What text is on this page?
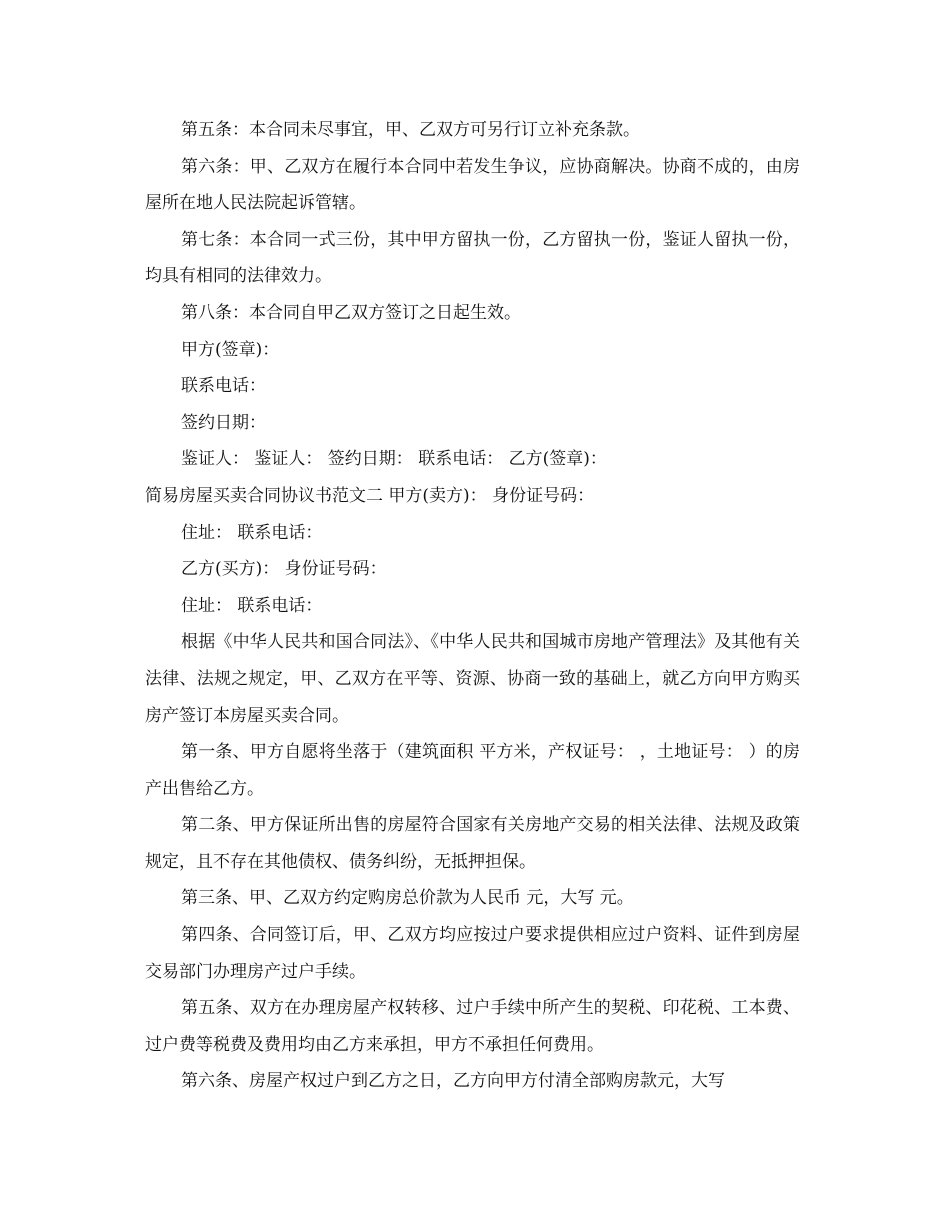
第五条：本合同未尽事宜，甲、乙双方可另行订立补充条款。

第六条：甲、乙双方在履行本合同中若发生争议，应协商解决。协商不成的，由房屋所在地人民法院起诉管辖。

第七条：本合同一式三份，其中甲方留执一份，乙方留执一份，鉴证人留执一份，均具有相同的法律效力。

第八条：本合同自甲乙双方签订之日起生效。

甲方(签章)：

联系电话：

签约日期：

鉴证人： 鉴证人： 签约日期： 联系电话： 乙方(签章)：

简易房屋买卖合同协议书范文二 甲方(卖方)： 身份证号码：

住址： 联系电话：

乙方(买方)： 身份证号码：

住址： 联系电话：

根据《中华人民共和国合同法》、《中华人民共和国城市房地产管理法》及其他有关法律、法规之规定，甲、乙双方在平等、资源、协商一致的基础上，就乙方向甲方购买房产签订本房屋买卖合同。

第一条、甲方自愿将坐落于（建筑面积 平方米，产权证号： ，土地证号： ）的房产出售给乙方。

第二条、甲方保证所出售的房屋符合国家有关房地产交易的相关法律、法规及政策规定，且不存在其他债权、债务纠纷，无抵押担保。

第三条、甲、乙双方约定购房总价款为人民币 元，大写 元。

第四条、合同签订后，甲、乙双方均应按过户要求提供相应过户资料、证件到房屋交易部门办理房产过户手续。

第五条、双方在办理房屋产权转移、过户手续中所产生的契税、印花税、工本费、过户费等税费及费用均由乙方来承担，甲方不承担任何费用。

第六条、房屋产权过户到乙方之日，乙方向甲方付清全部购房款元，大写
